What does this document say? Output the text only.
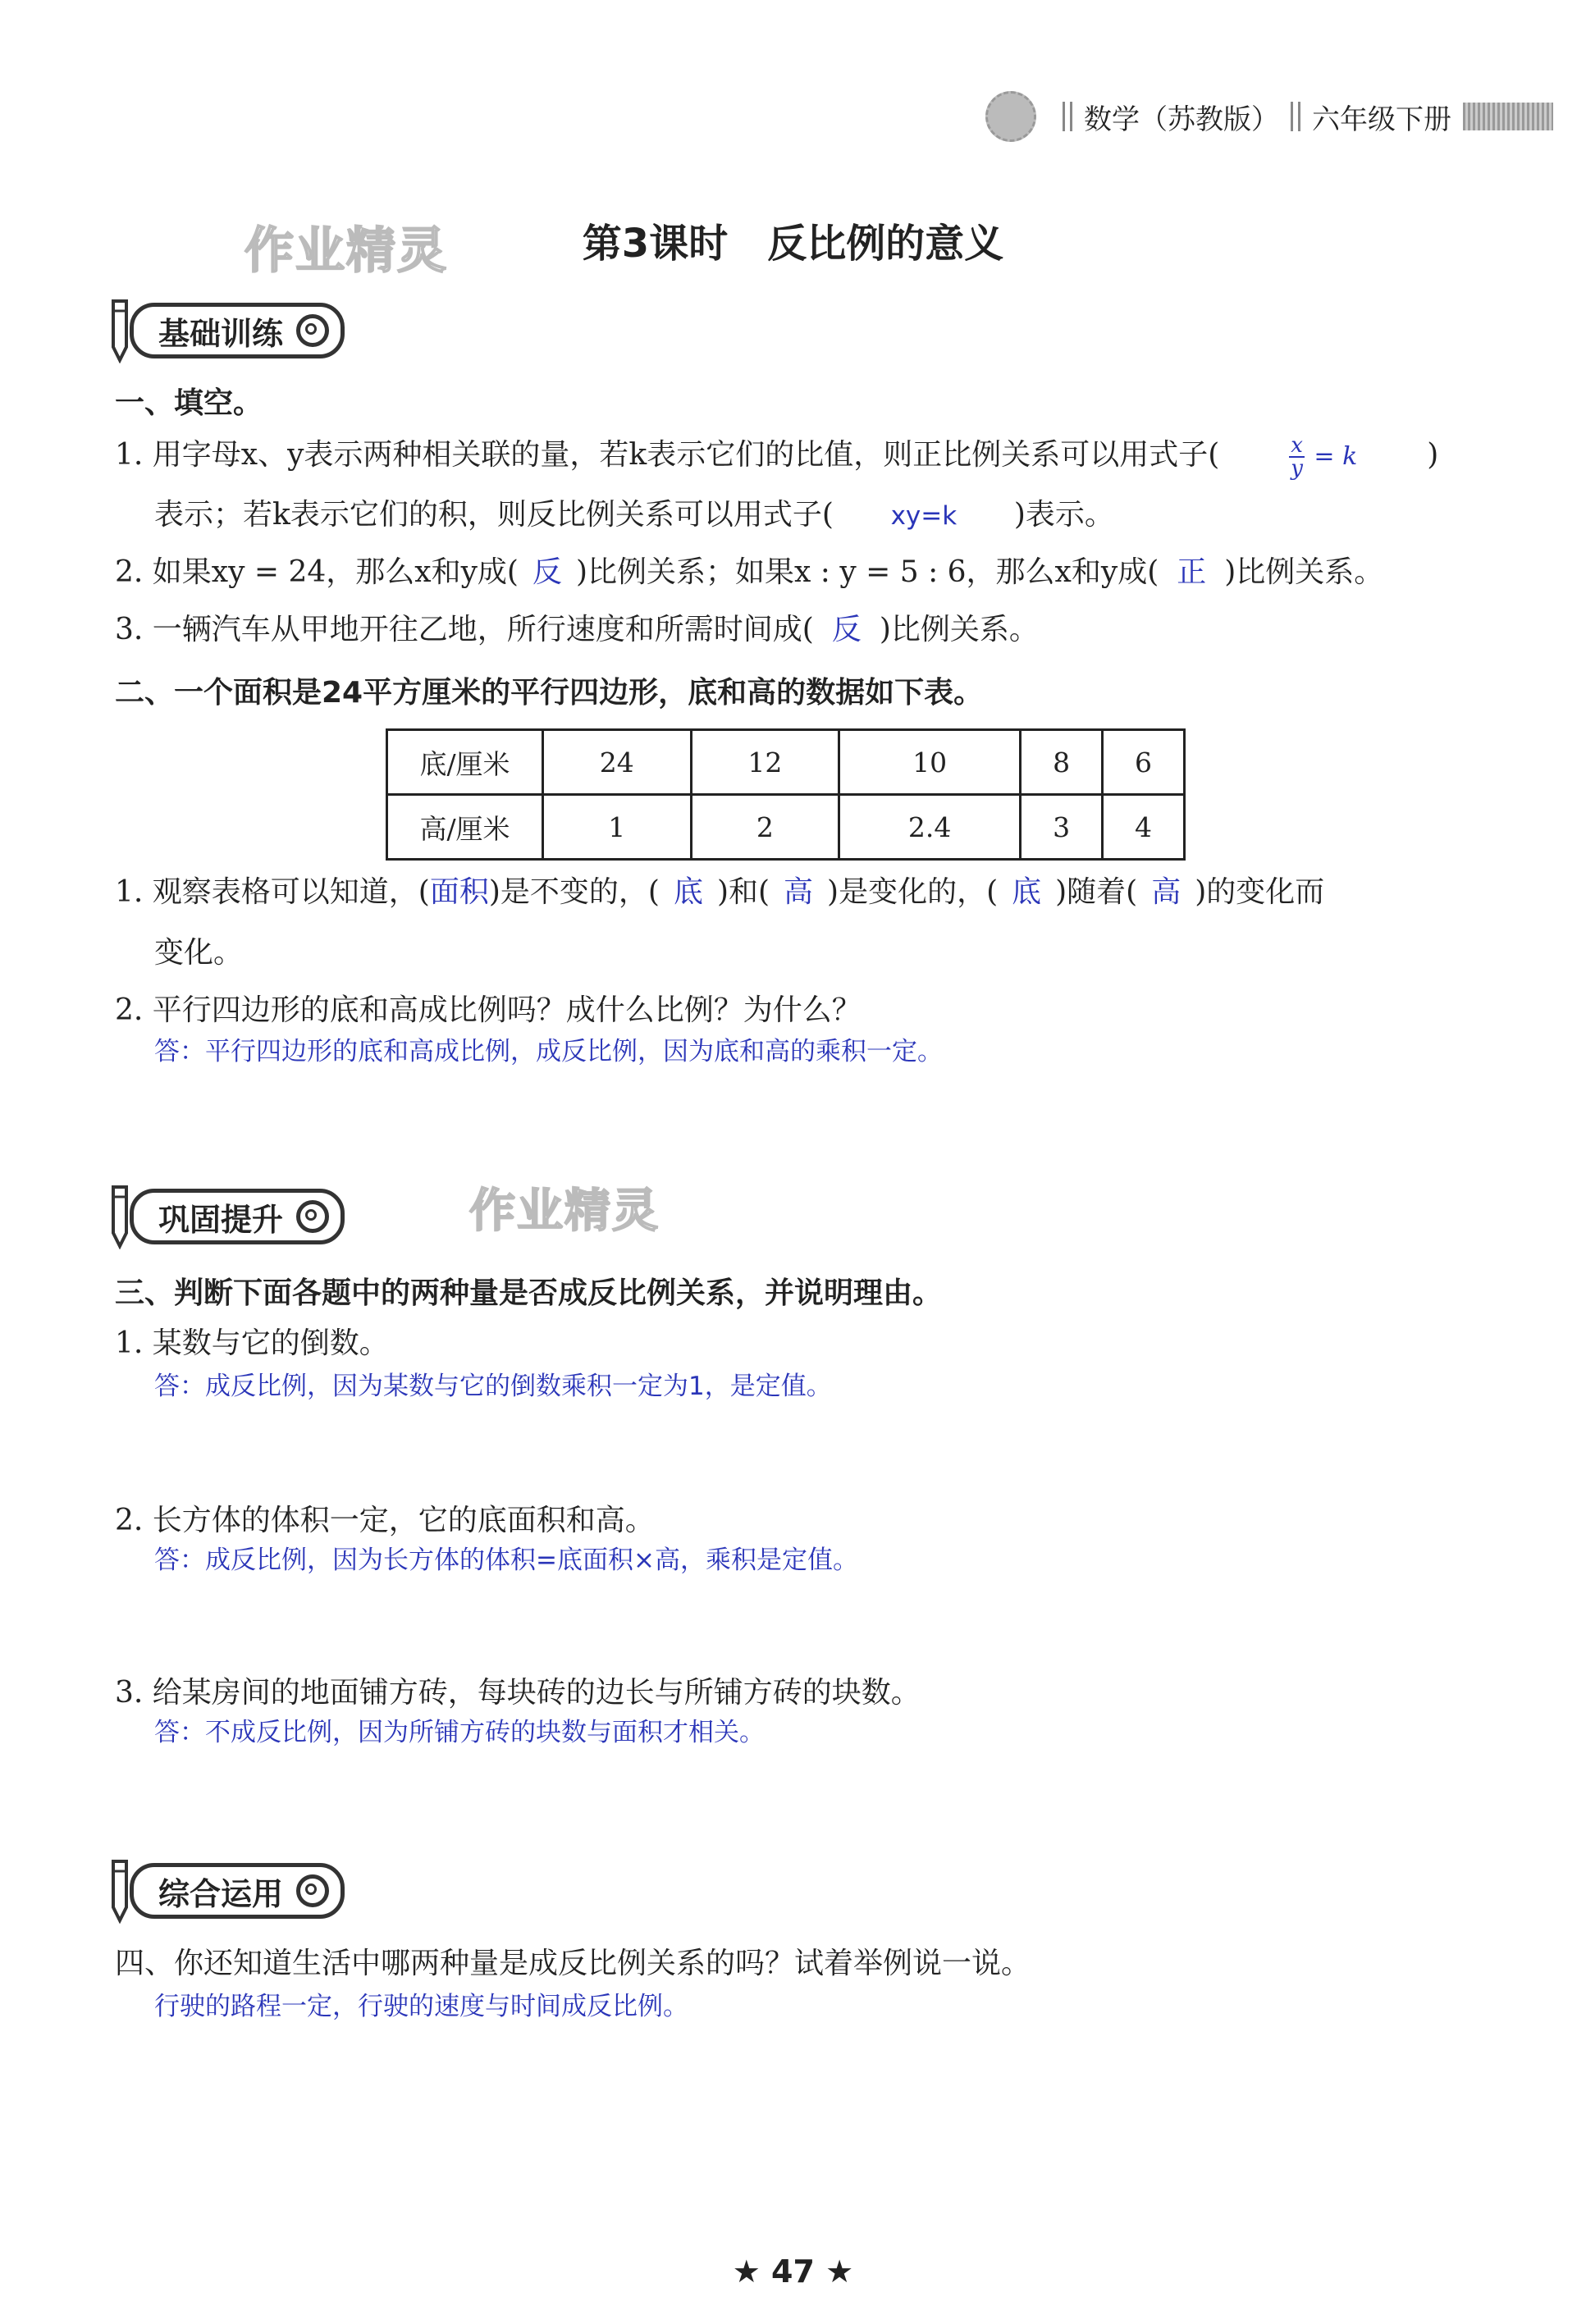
数学（苏教版） 六年级下册
作业精灵
作业精灵
第3课时　反比例的意义
基础训练
一、填空。
1. 用字母x、y表示两种相关联的量，若k表示它们的比值，则正比例关系可以用式子(	$\frac{x}{y} = k$ )
表示；若k表示它们的积，则反比例关系可以用式子( xy=k )表示。
2. 如果xy = 24，那么x和y成( 反 )比例关系；如果x : y = 5 : 6，那么x和y成( 正 )比例关系。
3. 一辆汽车从甲地开往乙地，所行速度和所需时间成( 反 )比例关系。
二、一个面积是24平方厘米的平行四边形，底和高的数据如下表。
底/厘米	24	12	10	8	6
高/厘米	1	2	2.4	3	4
1. 观察表格可以知道，(面积)是不变的，( 底 )和( 高 )是变化的，( 底 )随着( 高 )的变化而
变化。
2. 平行四边形的底和高成比例吗？成什么比例？为什么？
答：平行四边形的底和高成比例，成反比例，因为底和高的乘积一定。
巩固提升
三、判断下面各题中的两种量是否成反比例关系，并说明理由。
1. 某数与它的倒数。
答：成反比例，因为某数与它的倒数乘积一定为1，是定值。
2. 长方体的体积一定，它的底面积和高。
答：成反比例，因为长方体的体积=底面积×高，乘积是定值。
3. 给某房间的地面铺方砖，每块砖的边长与所铺方砖的块数。
答：不成反比例，因为所铺方砖的块数与面积才相关。
综合运用
四、你还知道生活中哪两种量是成反比例关系的吗？试着举例说一说。
行驶的路程一定，行驶的速度与时间成反比例。
★ 47 ★
